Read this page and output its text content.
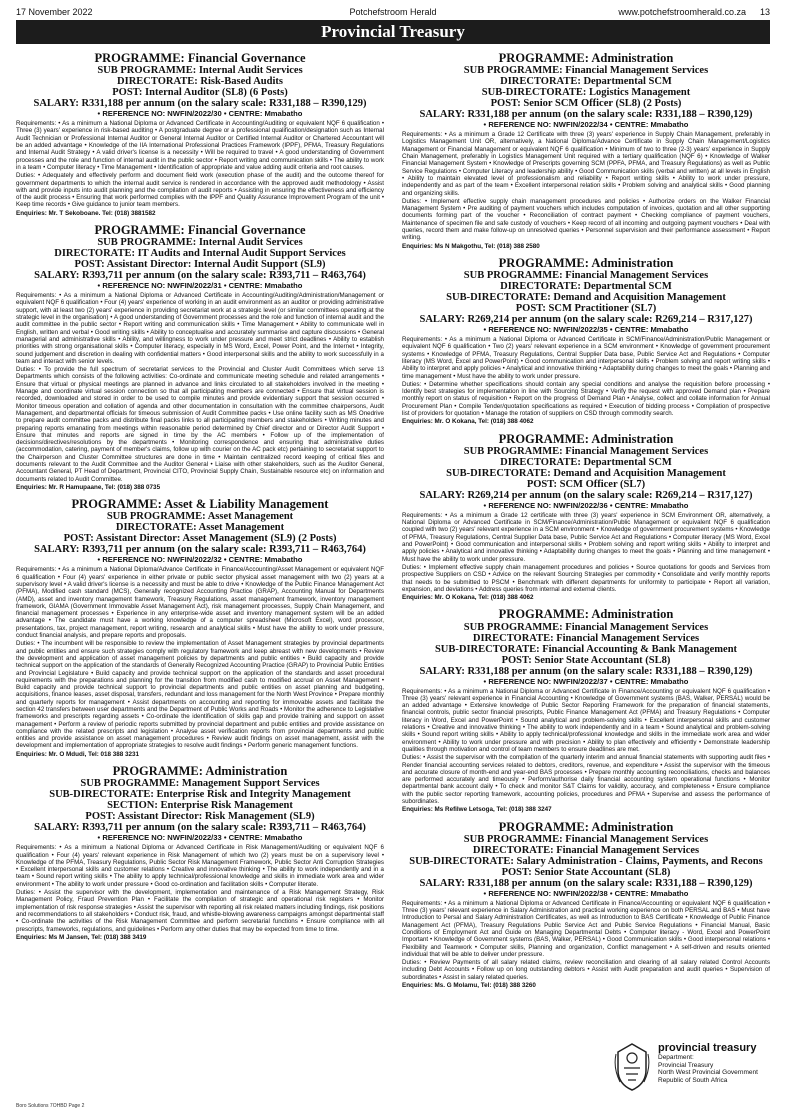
Potchefstroom Herald
17 November 2022	www.potchefstroomherald.co.za 13
Provincial Treasury
PROGRAMME: Financial Governance
SUB PROGRAMME: Internal Audit Services
DIRECTORATE: Risk-Based Audits
POST: Internal Auditor (SL8) (6 Posts)
SALARY: R331,188 per annum (on the salary scale: R331,188 – R390,129)
• REFERENCE NO: NWFIN/2022/30 • CENTRE: Mmabatho

Requirements: • As a minimum a National Diploma or Advanced Certificate in Accounting/Auditing or equivalent NQF 6 qualification • Three (3) years' experience in risk-based auditing • A postgraduate degree or a professional qualification/designation such as Internal Audit Technician or Professional Internal Auditor or General Internal Auditor or Certified Internal Auditor or Chartered Accountant will be an added advantage • Knowledge of the IIA International Professional Practices Framework (IPPF), PFMA, Treasury Regulations and Internal Audit Strategy • A valid driver's license is a necessity • Will be required to travel • A good understanding of Government processes and the role and function of internal audit in the public sector • Report writing and communication skills • The ability to work in a team • Computer literacy • Time Management • Identification of appropriate and value adding audit criteria and root causes.

Duties: • Adequately and effectively perform and document field work (execution phase of the audit) and the outcome thereof for government departments to which the internal audit service is rendered in accordance with the approved audit methodology • Assist with and provide inputs into audit planning and the compilation of audit reports • Assisting in ensuring the effectiveness and efficiency of the audit process • Ensuring that work performed complies with the IPPF and Quality Assurance Improvement Program of the unit • Keep time records • Give guidance to junior team members.

Enquiries: Mr. T Sekoboane. Tel: (018) 3881582
PROGRAMME: Financial Governance
SUB PROGRAMME: Internal Audit Services
DIRECTORATE: IT Audits and Internal Audit Support Services
POST: Assistant Director: Internal Audit Support (SL9)
SALARY: R393,711 per annum (on the salary scale: R393,711 – R463,764)
• REFERENCE NO: NWFIN/2022/31 • CENTRE: Mmabatho

Requirements: • As a minimum a National Diploma or Advanced Certificate in Accounting/Auditing/Administration/Management or equivalent NQF 6 qualification • Four (4) years' experience of working in an audit environment as an auditor or providing administrative support, with at least two (2) years' experience in providing secretariat work at a strategic level (or similar committees operating at the strategic level in the organisation) • A good understanding of Government processes and the role and function of internal audit and the audit committee in the public sector • Report writing and communication skills • Time Management • Ability to communicate well in English, written and verbal • Good writing skills • Ability to conceptualise and accurately summarise and capture discussions • General managerial and administrative skills • Ability, and willingness to work under pressure and meet strict deadlines • Ability to establish priorities with strong organisational skills • Computer literacy, especially in MS Word, Excel, Power Point, and the Internet • Integrity, sound judgement and discretion in dealing with confidential matters • Good interpersonal skills and the ability to work successfully in a team and interact with senior levels.

Duties: • To provide the full spectrum of secretariat services to the Provincial and Cluster Audit Committees which serve 13 Departments which consists of the following activities: Co-ordinate and communicate meeting schedule and related arrangements • Ensure that virtual or physical meetings are planned in advance and links circulated to all stakeholders involved in the meeting • Manage and coordinate virtual session connection so that all participating members are connected • Ensure that virtual session is recorded, downloaded and stored in order to be used to compile minutes and provide evidentiary support that session occurred • Monitor timeous operation and collation of agenda and other documentation in consultation with the committee chairpersons, Audit Management, and departmental officials for timeous submission of Audit Committee packs • Use online facility such as MS Onedrive to prepare audit committee packs and distribute final packs links to all participating members and stakeholders • Writing minutes and preparing reports emanating from meetings within reasonable period determined by Chief director and or Director Audit Support • Ensure that minutes and reports are signed in time by the AC members • Follow up of the implementation of decisions/directives/resolutions by the departments • Monitoring correspondence and ensuring that administrative duties (accommodation, catering, payment of member's claims, follow up with courier on the AC pack etc) pertaining to secretariat support to the Chairperson and Cluster Committee structures are done in time • Maintain centralized record keeping of critical files and documents relevant to the Audit Committee and the Auditor General • Liaise with other stakeholders, such as the Auditor General, Accountant General, PT Head of Department, Provincial CITO, Provincial Supply Chain, Sustainable resource etc) on information and documents related to Audit Committee.

Enquiries: Mr. R Hamupaane, Tel: (018) 388 0735
PROGRAMME: Asset & Liability Management
SUB PROGRAMME: Asset Management
DIRECTORATE: Asset Management
POST: Assistant Director: Asset Management (SL9) (2 Posts)
SALARY: R393,711 per annum (on the salary scale: R393,711 – R463,764)
• REFERENCE NO: NWFIN/2022/32 • CENTRE: Mmabatho

Requirements: • As a minimum a National Diploma/Advance Certificate in Finance/Accounting/Asset Management or equivalent NQF 6 qualification • Four (4) years' experience in either private or public sector physical asset management with two (2) years at a supervisory level • A valid driver's license is a necessity and must be able to drive • Knowledge of the Public Finance Management Act (PFMA), Modified cash standard (MCS), Generally recognized Accounting Practice (GRAP), Accounting Manual for Departments (AMD), asset and inventory management framework, Treasury Regulations, asset management framework, inventory management framework, GIAMA (Government Immovable Asset Management Act), risk management processes, Supply Chain Management, and financial management processes • Experience in any enterprise-wide asset and inventory management system will be an added advantage • The candidate must have a working knowledge of a computer spreadsheet (Microsoft Excel), word processor, presentations, tax, project management, report writing, research and analytical skills • Must have the ability to work under pressure, conduct financial analysis, and prepare reports and proposals.

Duties: • The incumbent will be responsible to review the implementation of Asset Management strategies by provincial departments and public entities and ensure such strategies comply with regulatory framework and keep abreast with new developments • Review the development and application of asset management policies by departments and public entities • Build capacity and provide technical support on the application of the standards of Generally Recognized Accounting Practice (GRAP) to Provincial Public Entities and Provincial Legislature • Build capacity and provide technical support on the application of the standards and asset procedural requirements with the preparations and planning for the transition from modified cash to modified accrual on Asset Management • Build capacity and provide technical support to provincial departments and public entities on asset planning and budgeting, acquisitions, finance leases, asset disposal, transfers, redundant and loss management for the North West Province • Prepare monthly and quarterly reports for management • Assist departments on accounting and reporting for immovable assets and facilitate the section 42 transfers between user departments and the Department of Public Works and Roads • Monitor the adherence to Legislative frameworks and prescripts regarding assets • Co-ordinate the identification of skills gap and provide training and support on asset management • Perform a review of periodic reports submitted by provincial department and public entities and provide assistance on compliance with the related prescripts and legislation • Analyse asset verification reports from provincial departments and public entities and provide assistance on asset management procedures • Review audit findings on asset management, assist with the development and implementation of appropriate strategies to resolve audit findings • Perform generic management functions.

Enquiries: Mr. O Mdudi, Tel: 018 388 3231
PROGRAMME: Administration
SUB PROGRAMME: Management Support Services
SUB-DIRECTORATE: Enterprise Risk and Integrity Management
SECTION: Enterprise Risk Management
POST: Assistant Director: Risk Management (SL9)
SALARY: R393,711 per annum (on the salary scale: R393,711 – R463,764)
• REFERENCE NO: NWFIN/2022/33 • CENTRE: Mmabatho

Requirements: • As a minimum a National Diploma or Advanced Certificate in Risk Management/Auditing or equivalent NQF 6 qualification • Four (4) years' relevant experience in Risk Management of which two (2) years must be on a supervisory level • Knowledge of the PFMA, Treasury Regulations, Public Sector Risk Management Framework, Public Sector Anti Corruption Strategies • Excellent interpersonal skills and customer relations • Creative and innovative thinking • The ability to work independently and in a team • Sound report writing skills • The ability to apply technical/professional knowledge and skills in immediate work area and wider environment • The ability to work under pressure • Good co-ordination and facilitation skills • Computer literate.

Duties: • Assist the supervisor with the development, implementation and maintenance of a Risk Management Strategy, Risk Management Policy, Fraud Prevention Plan • Facilitate the compilation of strategic and operational risk registers • Monitor implementation of risk response strategies • Assist the supervisor with reporting all risk related matters including findings, risk positions and recommendations to all stakeholders • Conduct risk, fraud, and whistle-blowing awareness campaigns amongst departmental staff • Co-ordinate the activities of the Risk Management Committee and perform secretarial functions • Ensure compliance with all prescripts, frameworks, regulations, and guidelines • Perform any other duties that may be expected from time to time.

Enquiries: Ms M Jansen, Tel: (018) 388 3419
PROGRAMME: Administration
SUB PROGRAMME: Financial Management Services
DIRECTORATE: Departmental SCM
SUB-DIRECTORATE: Logistics Management
POST: Senior SCM Officer (SL8) (2 Posts)
SALARY: R331,188 per annum (on the salary scale: R331,188 – R390,129)
• REFERENCE NO: NWFIN/2022/34 • CENTRE: Mmabatho

Requirements: • As a minimum a Grade 12 Certificate with three (3) years' experience in Supply Chain Management, preferably in Logistics Management Unit OR, alternatively, a National Diploma/Advance Certificate in Supply Chain Management/Logistics Management or Financial Management or equivalent NQF 6 qualification • Minimum of two to three (2-3) years' experience in Supply Chain Management, preferably in Logistics Management Unit required with a tertiary qualification (NQF 6) • Knowledge of Walker Financial Management System • Knowledge of Prescripts governing SCM (PPFA, PFMA, and Treasury Regulations) as well as Public Service Regulations • Computer Literacy and leadership ability • Good Communication skills (verbal and written) at all levels in English • Ability to maintain elevated level of professionalism and reliability • Report writing skills • Ability to work under pressure, independently and as part of the team • Excellent interpersonal relation skills • Problem solving and analytical skills • Good planning and organizing skills.

Duties: • Implement effective supply chain management procedures and policies • Authorize orders on the Walker Financial Management System • Pre auditing of payment vouchers which includes computation of invoices, quotation and all other supporting documents forming part of the voucher • Reconciliation of contract payment • Checking compliance of payment vouchers, Maintenance of specimen file and safe custody of vouchers • Keep record of all incoming and outgoing payment vouchers • Deal with queries, record them and make follow-up on unresolved queries • Personnel supervision and their performance assessment • Report writing.

Enquiries: Ms N Makgothu, Tel: (018) 388 2580
PROGRAMME: Administration
SUB PROGRAMME: Financial Management Services
DIRECTORATE: Departmental SCM
SUB-DIRECTORATE: Demand and Acquisition Management
POST: SCM Practitioner (SL7)
SALARY: R269,214 per annum (on the salary scale: R269,214 – R317,127)
• REFERENCE NO: NWFIN/2022/35 • CENTRE: Mmabatho

Requirements: • As a minimum a National Diploma or Advanced Certificate in SCM/Finance/Administration/Public Management or equivalent NQF 6 qualification • Two (2) years' relevant experience in a SCM environment • Knowledge of government procurement systems • Knowledge of PFMA, Treasury Regulations, Central Supplier Data base, Public Service Act and Regulations • Computer literacy (MS Word, Excel and PowerPoint) • Good communication and interpersonal skills • Problem solving and report writing skills • Ability to interpret and apply policies • Analytical and innovative thinking • Adaptability during changes to meet the goals • Planning and time management • Must have the ability to work under pressure.

Duties: • Determine whether specifications should contain any special conditions and analyse the requisition before processing • Identify best strategies for implementation in line with Sourcing Strategy • Verify the request with approved Demand plan • Prepare monthly report on status of requisition • Report on the progress of Demand Plan • Analyse, collect and collate information for Annual Procurement Plan • Compile Tender/quotation specifications as required • Execution of bidding process • Compilation of prospective list of providers for quotation • Manage the rotation of suppliers on CSD through commodity search.

Enquiries: Mr. O Kokana, Tel: (018) 388 4062
PROGRAMME: Administration
SUB PROGRAMME: Financial Management Services
DIRECTORATE: Departmental SCM
SUB-DIRECTORATE: Demand and Acquisition Management
POST: SCM Officer (SL7)
SALARY: R269,214 per annum (on the salary scale: R269,214 – R317,127)
• REFERENCE NO: NWFIN/2022/36 • CENTRE: Mmabatho

Requirements: • As a minimum a Grade 12 certificate with three (3) years' experience in SCM Environment OR, alternatively, a National Diploma or Advanced Certificate in SCM/Finance/Administration/Public Management or equivalent NQF 6 qualification coupled with two (2) years' relevant experience in a SCM environment • Knowledge of government procurement systems • Knowledge of PFMA, Treasury Regulations, Central Supplier Data base, Public Service Act and Regulations • Computer literacy (MS Word, Excel and PowerPoint) • Good communication and interpersonal skills • Problem solving and report writing skills • Ability to interpret and apply policies • Analytical and innovative thinking • Adaptability during changes to meet the goals • Planning and time management • Must have the ability to work under pressure.

Duties: • Implement effective supply chain management procedures and policies • Source quotations for goods and Services from prospective Suppliers on CSD • Advice on the relevant Sourcing Strategies per commodity • Consolidate and verify monthly reports that needs to be submitted to PSCM • Benchmark with different departments for uniformity to participate • Report all variation, expansion, and deviations • Address queries from internal and external clients.

Enquiries: Mr. O Kokana, Tel: (018) 388 4062
PROGRAMME: Administration
SUB PROGRAMME: Financial Management Services
DIRECTORATE: Financial Management Services
SUB-DIRECTORATE: Financial Accounting & Bank Management
POST: Senior State Accountant (SL8)
SALARY: R331,188 per annum (on the salary scale: R331,188 – R390,129)
• REFERENCE NO: NWFIN/2022/37 • CENTRE: Mmabatho

Requirements: • As a minimum a National Diploma or Advanced Certificate in Finance/Accounting or equivalent NQF 6 qualification • Three (3) years' relevant experience in Financial Accounting • Knowledge of Government systems (BAS, Walker, PERSAL) would be an added advantage • Extensive knowledge of Public Sector Reporting Framework for the preparation of financial statements, financial controls, public sector financial prescripts, Public Finance Management Act (PFMA) and Treasury Regulations • Computer literacy in Word, Excel and PowerPoint • Sound analytical and problem-solving skills • Excellent interpersonal skills and customer relations • Creative and innovative thinking • The ability to work independently and in a team • Sound analytical and problem-solving skills • Sound report writing skills • Ability to apply technical/professional knowledge and skills in the immediate work area and wider environment • Ability to work under pressure and with precision • Ability to plan effectively and efficiently • Demonstrate leadership qualities through motivation and control of team members to ensure deadlines are met.

Duties: • Assist the supervisor with the compilation of the quarterly interim and annual financial statements with supporting audit files • Render financial accounting services related to debtors, creditors, revenue, and expenditure • Assist the supervisor with the timeous and accurate closure of month-end and year-end BAS processes • Prepare monthly accounting reconciliations, checks and balances are performed accurately and timeously • Perform/authorise daily financial accounting system operational functions • Monitor departmental bank account daily • To check and monitor S&T Claims for validity, accuracy, and completeness • Ensure compliance with the public sector reporting framework, accounting policies, procedures and PFMA • Supervise and assess the performance of subordinates.

Enquiries: Ms Refilwe Letsoga, Tel: (018) 388 3247
PROGRAMME: Administration
SUB PROGRAMME: Financial Management Services
DIRECTORATE: Financial Management Services
SUB-DIRECTORATE: Salary Administration - Claims, Payments, and Recons
POST: Senior State Accountant (SL8)
SALARY: R331,188 per annum (on the salary scale: R331,188 – R390,129)
• REFERENCE NO: NWFIN/2022/38 • CENTRE: Mmabatho

Requirements: • As a minimum a National Diploma or Advanced Certificate in Finance/Accounting or equivalent NQF 6 qualification • Three (3) years' relevant experience in Salary Administration and practical working experience on both PERSAL and BAS • Must have Introduction to Persal and Salary Administration Certificates, as well as Introduction to BAS Certificate • Knowledge of Public Finance Management Act (PFMA), Treasury Regulations Public Service Act and Public Service Regulations • Financial Manual, Basic Conditions of Employment Act and Guide on Managing Departmental Debts • Computer literacy - Word, Excel and PowerPoint Important • Knowledge of Government systems (BAS, Walker, PERSAL) • Good Communication skills • Good interpersonal relations • Flexibility and Teamwork • Computer skills, Planning and organization, Conflict management • A self-driven and results oriented individual that will be able to deliver under pressure.

Duties: • Review Payments of all salary related claims, review reconciliation and clearing of all salary related Control Accounts including Debt Accounts • Follow up on long outstanding debtors • Assist with Audit preparation and audit queries • Supervision of subordinates • Assist in salary related queries.

Enquiries: Ms. G Molamu, Tel: (018) 388 3260
provincial treasury
Department:
Provincial Treasury
North West Provincial Government
Republic of South Africa
Boro Solutions 7OHBD Page 2
